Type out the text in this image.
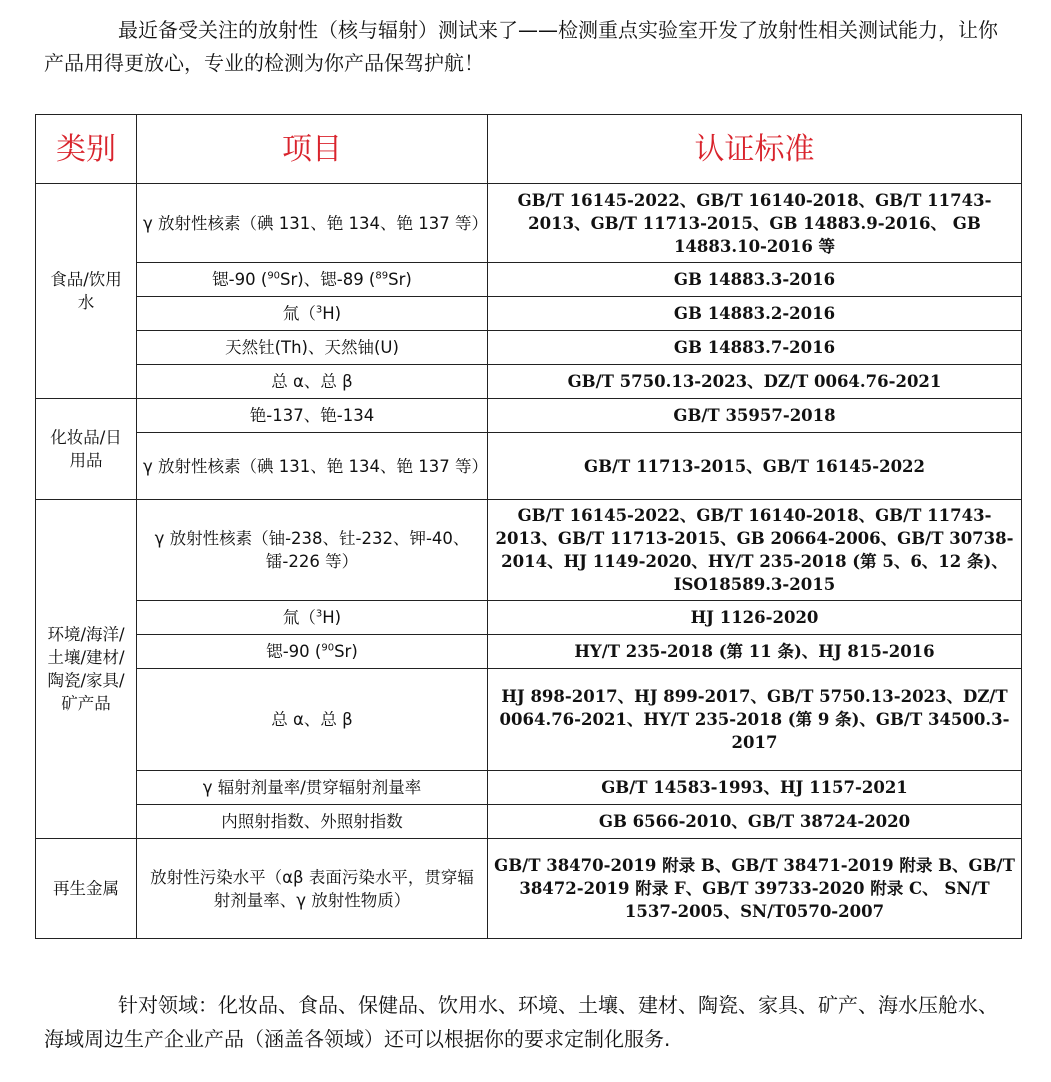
最近备受关注的放射性（核与辐射）测试来了——检测重点实验室开发了放射性相关测试能力，让你产品用得更放心，专业的检测为你产品保驾护航！
类别	项目	认证标准
食品/饮用水	γ 放射性核素（碘 131、铯 134、铯 137 等）	GB/T 16145-2022、GB/T 16140-2018、GB/T 11743-2013、GB/T 11713-2015、GB 14883.9-2016、 GB 14883.10-2016 等
	锶-90 ($^{90}$Sr)、锶-89 ($^{89}$Sr)	GB 14883.3-2016
	氚（$^3$H)	GB 14883.2-2016
	天然钍(Th)、天然铀(U)	GB 14883.7-2016
	总 α、总 β	GB/T 5750.13-2023、DZ/T 0064.76-2021
化妆品/日用品	铯-137、铯-134	GB/T 35957-2018
	γ 放射性核素（碘 131、铯 134、铯 137 等）	GB/T 11713-2015、GB/T 16145-2022
环境/海洋/土壤/建材/陶瓷/家具/矿产品	γ 放射性核素（铀-238、钍-232、钾-40、镭-226 等）	GB/T 16145-2022、GB/T 16140-2018、GB/T 11743-2013、GB/T 11713-2015、GB 20664-2006、GB/T 30738-2014、HJ 1149-2020、HY/T 235-2018 (第 5、6、12 条)、ISO18589.3-2015
	氚（$^3$H)	HJ 1126-2020
	锶-90 ($^{90}$Sr)	HY/T 235-2018 (第 11 条)、HJ 815-2016
	总 α、总 β	HJ 898-2017、HJ 899-2017、GB/T 5750.13-2023、DZ/T 0064.76-2021、HY/T 235-2018 (第 9 条)、GB/T 34500.3-2017
	γ 辐射剂量率/贯穿辐射剂量率	GB/T 14583-1993、HJ 1157-2021
	内照射指数、外照射指数	GB 6566-2010、GB/T 38724-2020
再生金属	放射性污染水平（αβ 表面污染水平，贯穿辐射剂量率、γ 放射性物质）	GB/T 38470-2019 附录 B、GB/T 38471-2019 附录 B、GB/T 38472-2019 附录 F、GB/T 39733-2020 附录 C、 SN/T 1537-2005、SN/T0570-2007
针对领域：化妆品、食品、保健品、饮用水、环境、土壤、建材、陶瓷、家具、矿产、海水压舱水、海域周边生产企业产品（涵盖各领域）还可以根据你的要求定制化服务.
